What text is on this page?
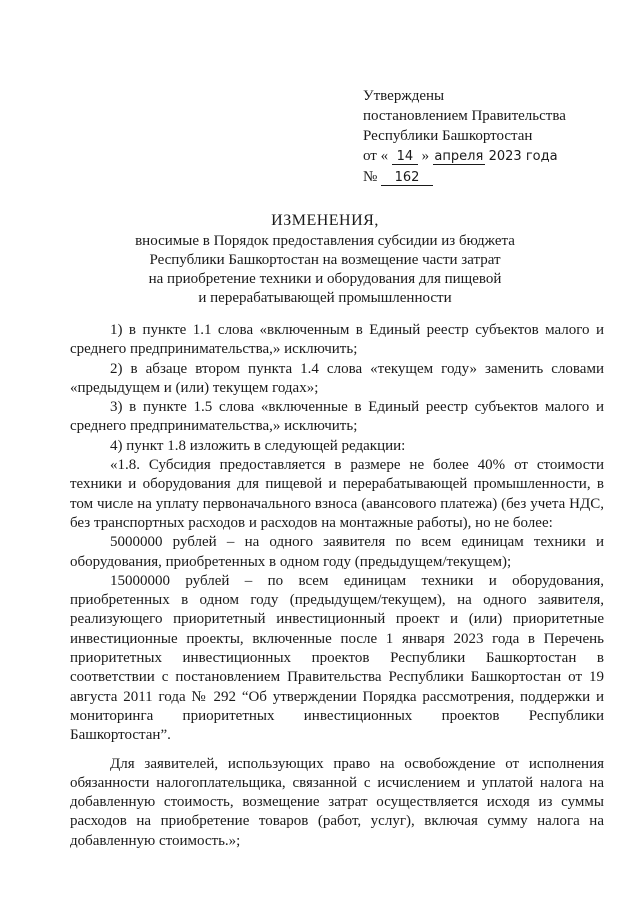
Утверждены
постановлением Правительства
Республики Башкортостан
от « 14 » апреля 2023 года
№ 162
ИЗМЕНЕНИЯ,
вносимые в Порядок предоставления субсидии из бюджета
Республики Башкортостан на возмещение части затрат
на приобретение техники и оборудования для пищевой
и перерабатывающей промышленности

1) в пункте 1.1 слова «включенным в Единый реестр субъектов малого и среднего предпринимательства,» исключить;

2) в абзаце втором пункта 1.4 слова «текущем году» заменить словами «предыдущем и (или) текущем годах»;

3) в пункте 1.5 слова «включенные в Единый реестр субъектов малого и среднего предпринимательства,» исключить;

4) пункт 1.8 изложить в следующей редакции:

«1.8. Субсидия предоставляется в размере не более 40% от стоимости техники и оборудования для пищевой и перерабатывающей промышленности, в том числе на уплату первоначального взноса (авансового платежа) (без учета НДС, без транспортных расходов и расходов на монтажные работы), но не более:

5000000 рублей – на одного заявителя по всем единицам техники и оборудования, приобретенных в одном году (предыдущем/текущем);

15000000 рублей – по всем единицам техники и оборудования, приобретенных в одном году (предыдущем/текущем), на одного заявителя, реализующего приоритетный инвестиционный проект и (или) приоритетные инвестиционные проекты, включенные после 1 января 2023 года в Перечень приоритетных инвестиционных проектов Республики Башкортостан в соответствии с постановлением Правительства Республики Башкортостан от 19 августа 2011 года № 292 “Об утверждении Порядка рассмотрения, поддержки и мониторинга приоритетных инвестиционных проектов Республики Башкортостан”.

Для заявителей, использующих право на освобождение от исполнения обязанности налогоплательщика, связанной с исчислением и уплатой налога на добавленную стоимость, возмещение затрат осуществляется исходя из суммы расходов на приобретение товаров (работ, услуг), включая сумму налога на добавленную стоимость.»;
